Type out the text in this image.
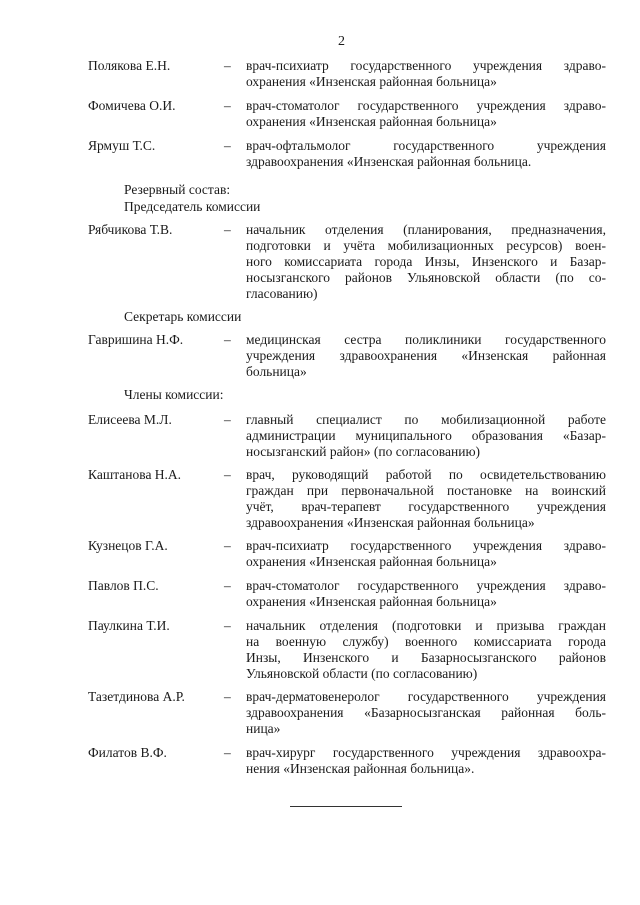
2
Полякова Е.Н.	– врач-психиатр государственного учреждения здраво-
охранения «Инзенская районная больница»
Фомичева О.И.	– врач-стоматолог государственного учреждения здраво-
охранения «Инзенская районная больница»
Ярмуш Т.С.	– врач-офтальмолог государственного учреждения
здравоохранения «Инзенская районная больница.
Резервный состав:
Председатель комиссии
Рябчикова Т.В.	– начальник отделения (планирования, предназначения,
подготовки и учёта мобилизационных ресурсов) воен-
ного комиссариата города Инзы, Инзенского и Базар-
носызганского районов Ульяновской области (по со-
гласованию)
Секретарь комиссии
Гавришина Н.Ф.	– медицинская сестра поликлиники государственного
учреждения здравоохранения «Инзенская районная
больница»
Члены комиссии:
Елисеева М.Л.	– главный специалист по мобилизационной работе
администрации муниципального образования «Базар-
носызганский район» (по согласованию)
Каштанова Н.А.	– врач, руководящий работой по освидетельствованию
граждан при первоначальной постановке на воинский
учёт, врач-терапевт государственного учреждения
здравоохранения «Инзенская районная больница»
Кузнецов Г.А.	– врач-психиатр государственного учреждения здраво-
охранения «Инзенская районная больница»
Павлов П.С.	– врач-стоматолог государственного учреждения здраво-
охранения «Инзенская районная больница»
Паулкина Т.И.	– начальник отделения (подготовки и призыва граждан
на военную службу) военного комиссариата города
Инзы, Инзенского и Базарносызганского районов
Ульяновской области (по согласованию)
Тазетдинова А.Р.	– врач-дерматовенеролог государственного учреждения
здравоохранения «Базарносызганская районная боль-
ница»
Филатов В.Ф.	– врач-хирург государственного учреждения здравоохра-
нения «Инзенская районная больница».
